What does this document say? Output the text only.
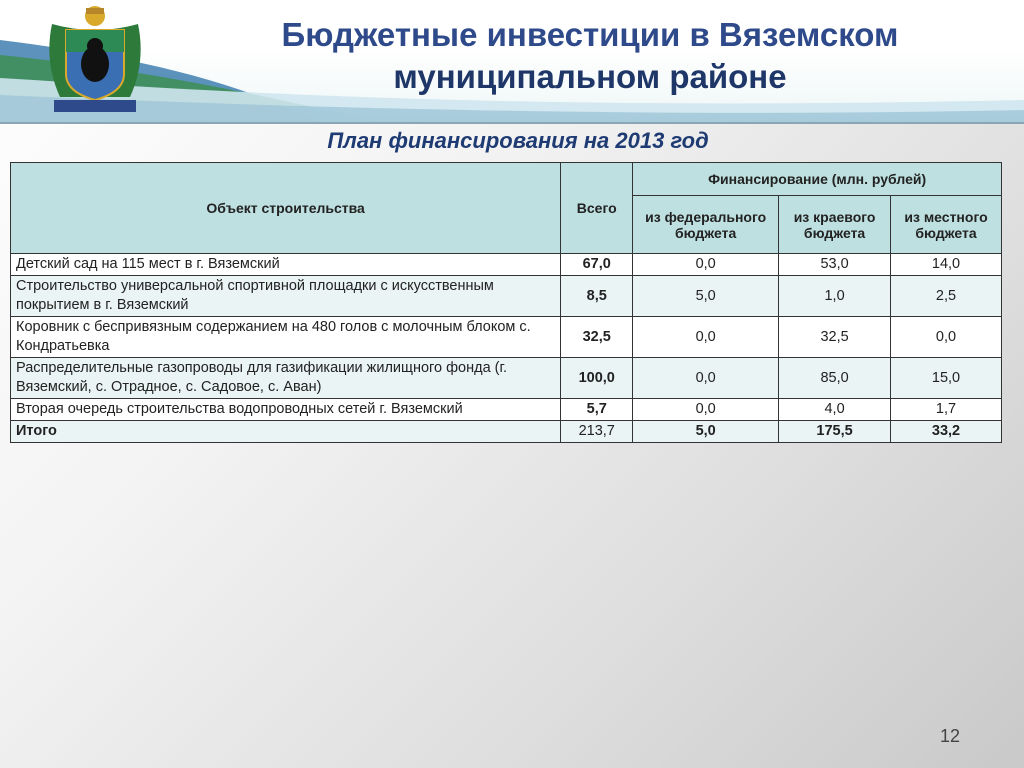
Бюджетные инвестиции в Вяземском
муниципальном районе
План финансирования на 2013 год
Объект строительства	Всего	Финансирование (млн. рублей)		
		из федерального бюджета	из краевого бюджета	из местного бюджета
Детский сад на 115 мест в г. Вяземский	67,0	0,0	53,0	14,0
Строительство универсальной спортивной площадки с искусственным покрытием в г. Вяземский	8,5	5,0	1,0	2,5
Коровник с беспривязным содержанием на 480 голов с молочным блоком с. Кондратьевка	32,5	0,0	32,5	0,0
Распределительные газопроводы для газификации жилищного фонда (г. Вяземский, с. Отрадное, с. Садовое, с. Аван)	100,0	0,0	85,0	15,0
Вторая очередь строительства водопроводных сетей г. Вяземский	5,7	0,0	4,0	1,7
Итого	213,7	5,0	175,5	33,2
12
